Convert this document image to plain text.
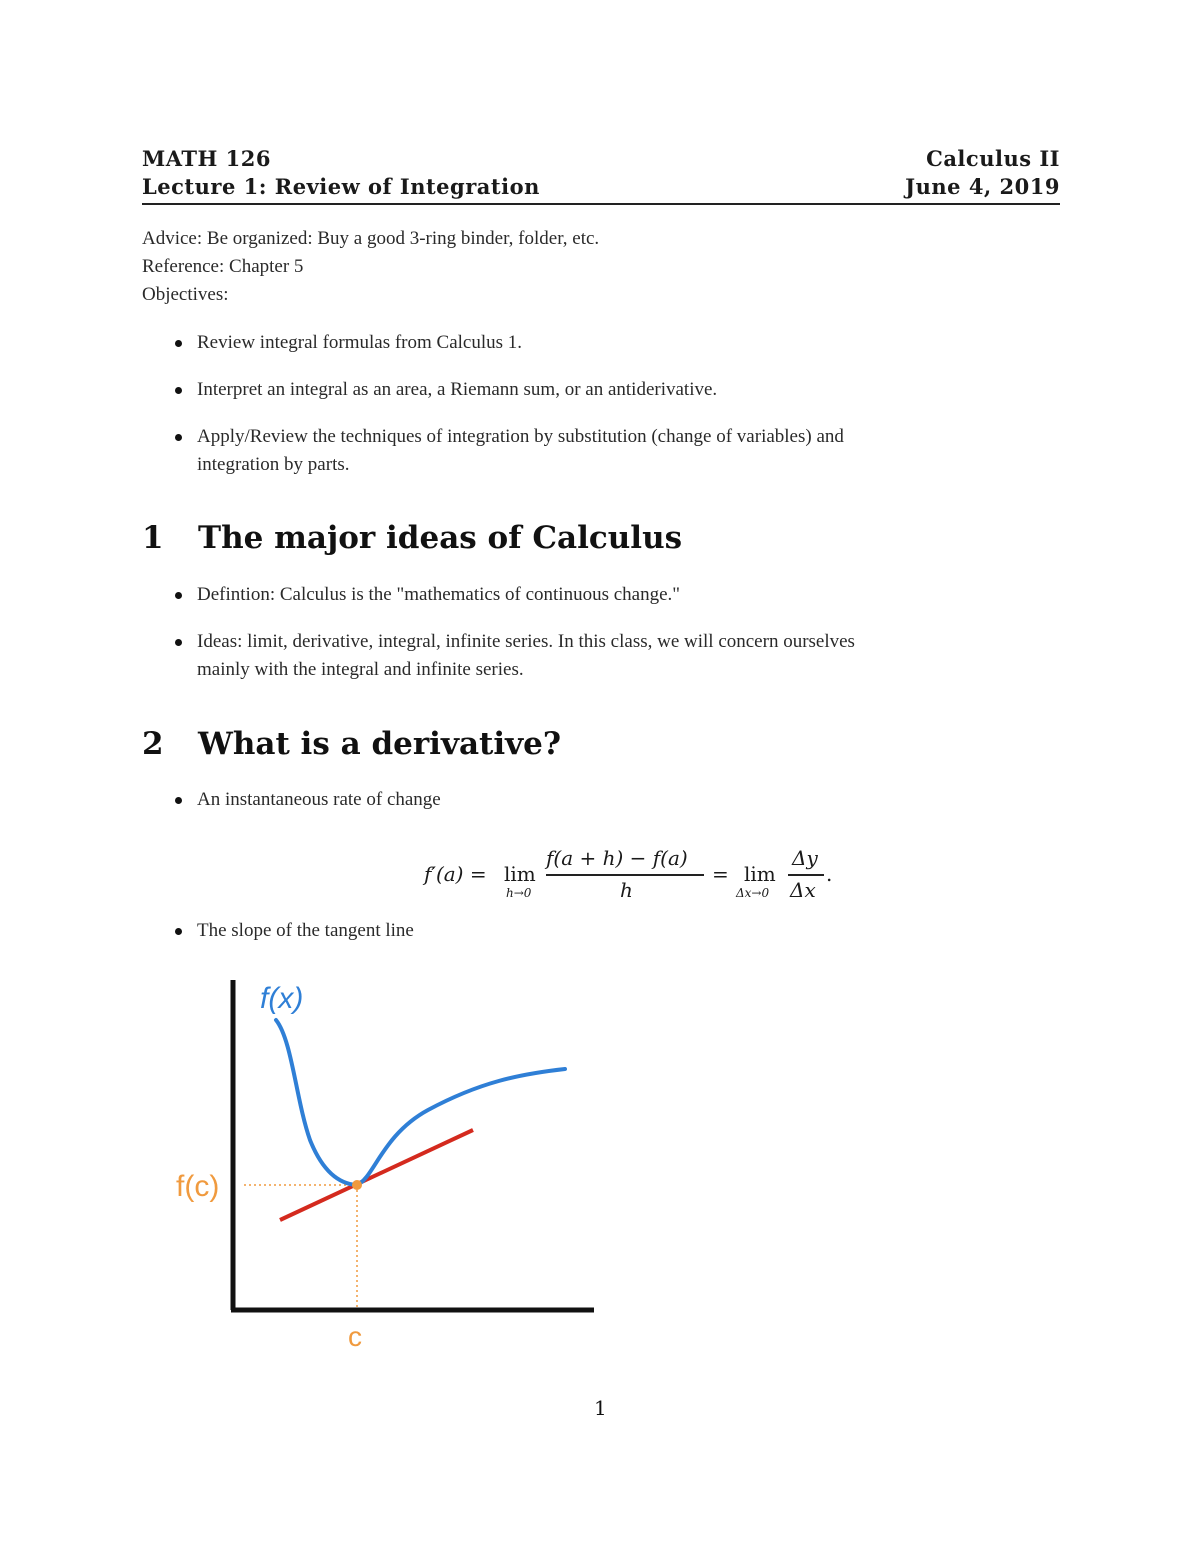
MATH 126	Calculus II
Lecture 1: Review of Integration	June 4, 2019
Advice: Be organized: Buy a good 3-ring binder, folder, etc.
Reference: Chapter 5
Objectives:
Review integral formulas from Calculus 1.
Interpret an integral as an area, a Riemann sum, or an antiderivative.
Apply/Review the techniques of integration by substitution (change of variables) and
integration by parts.
1 The major ideas of Calculus
Defintion: Calculus is the "mathematics of continuous change."
Ideas: limit, derivative, integral, infinite series. In this class, we will concern ourselves
mainly with the integral and infinite series.
2 What is a derivative?
An instantaneous rate of change
f′(a) = lim
h→0
f(a + h) − f(a)
h
= lim
Δx→0
Δy
Δx
.
The slope of the tangent line
f(x)
f(c)
c
1
